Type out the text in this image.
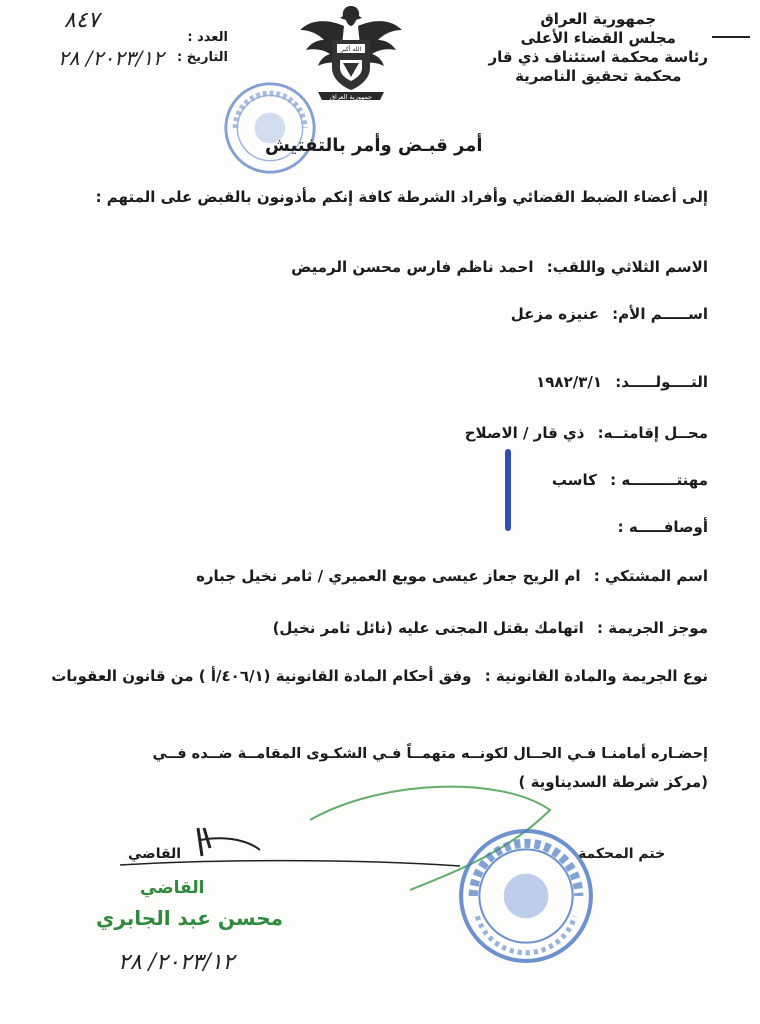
جمهورية العراق
مجلس القضاء الأعلى
رئاسة محكمة استئناف ذي قار
محكمة تحقيق الناصرية
الله أكبر
جمهورية العراق
العدد :
التاريخ :
٨٤٧
٢٠٢٣/١٢/ ٢٨
أمر قبـض وأمر بالتفتيش
إلى أعضاء الضبط القضائي وأفراد الشرطة كافة إنكم مأذونون بالقبض على المتهم :
الاسم الثلاثي واللقب: احمد ناظم فارس محسن الرميض
اســـــم الأم: عنيزه مزعل
التــــولـــــد: ١٩٨٢/٣/١
محــل إقامتــه: ذي قار / الاصلاح
مهنتـــــــــه : كاسب
أوصافـــــه :
اسم المشتكي : ام الريح جعاز عيسى مويع العميري / ثامر نخيل جباره
موجز الجريمة : اتهامك بقتل المجنى عليه (نائل ثامر نخيل)
نوع الجريمة والمادة القانونية : وفق أحكام المادة القانونية (٤٠٦/١/أ ) من قانون العقوبات
إحضـاره أمامنـا فـي الحــال لكونــه متهمــاً فـي الشكـوى المقامــة ضــده فــي
(مركز شرطة السديناوية )
القاضي	ختم المحكمة
القاضي
محسن عبد الجابري
٢٠٢٣/١٢/ ٢٨
